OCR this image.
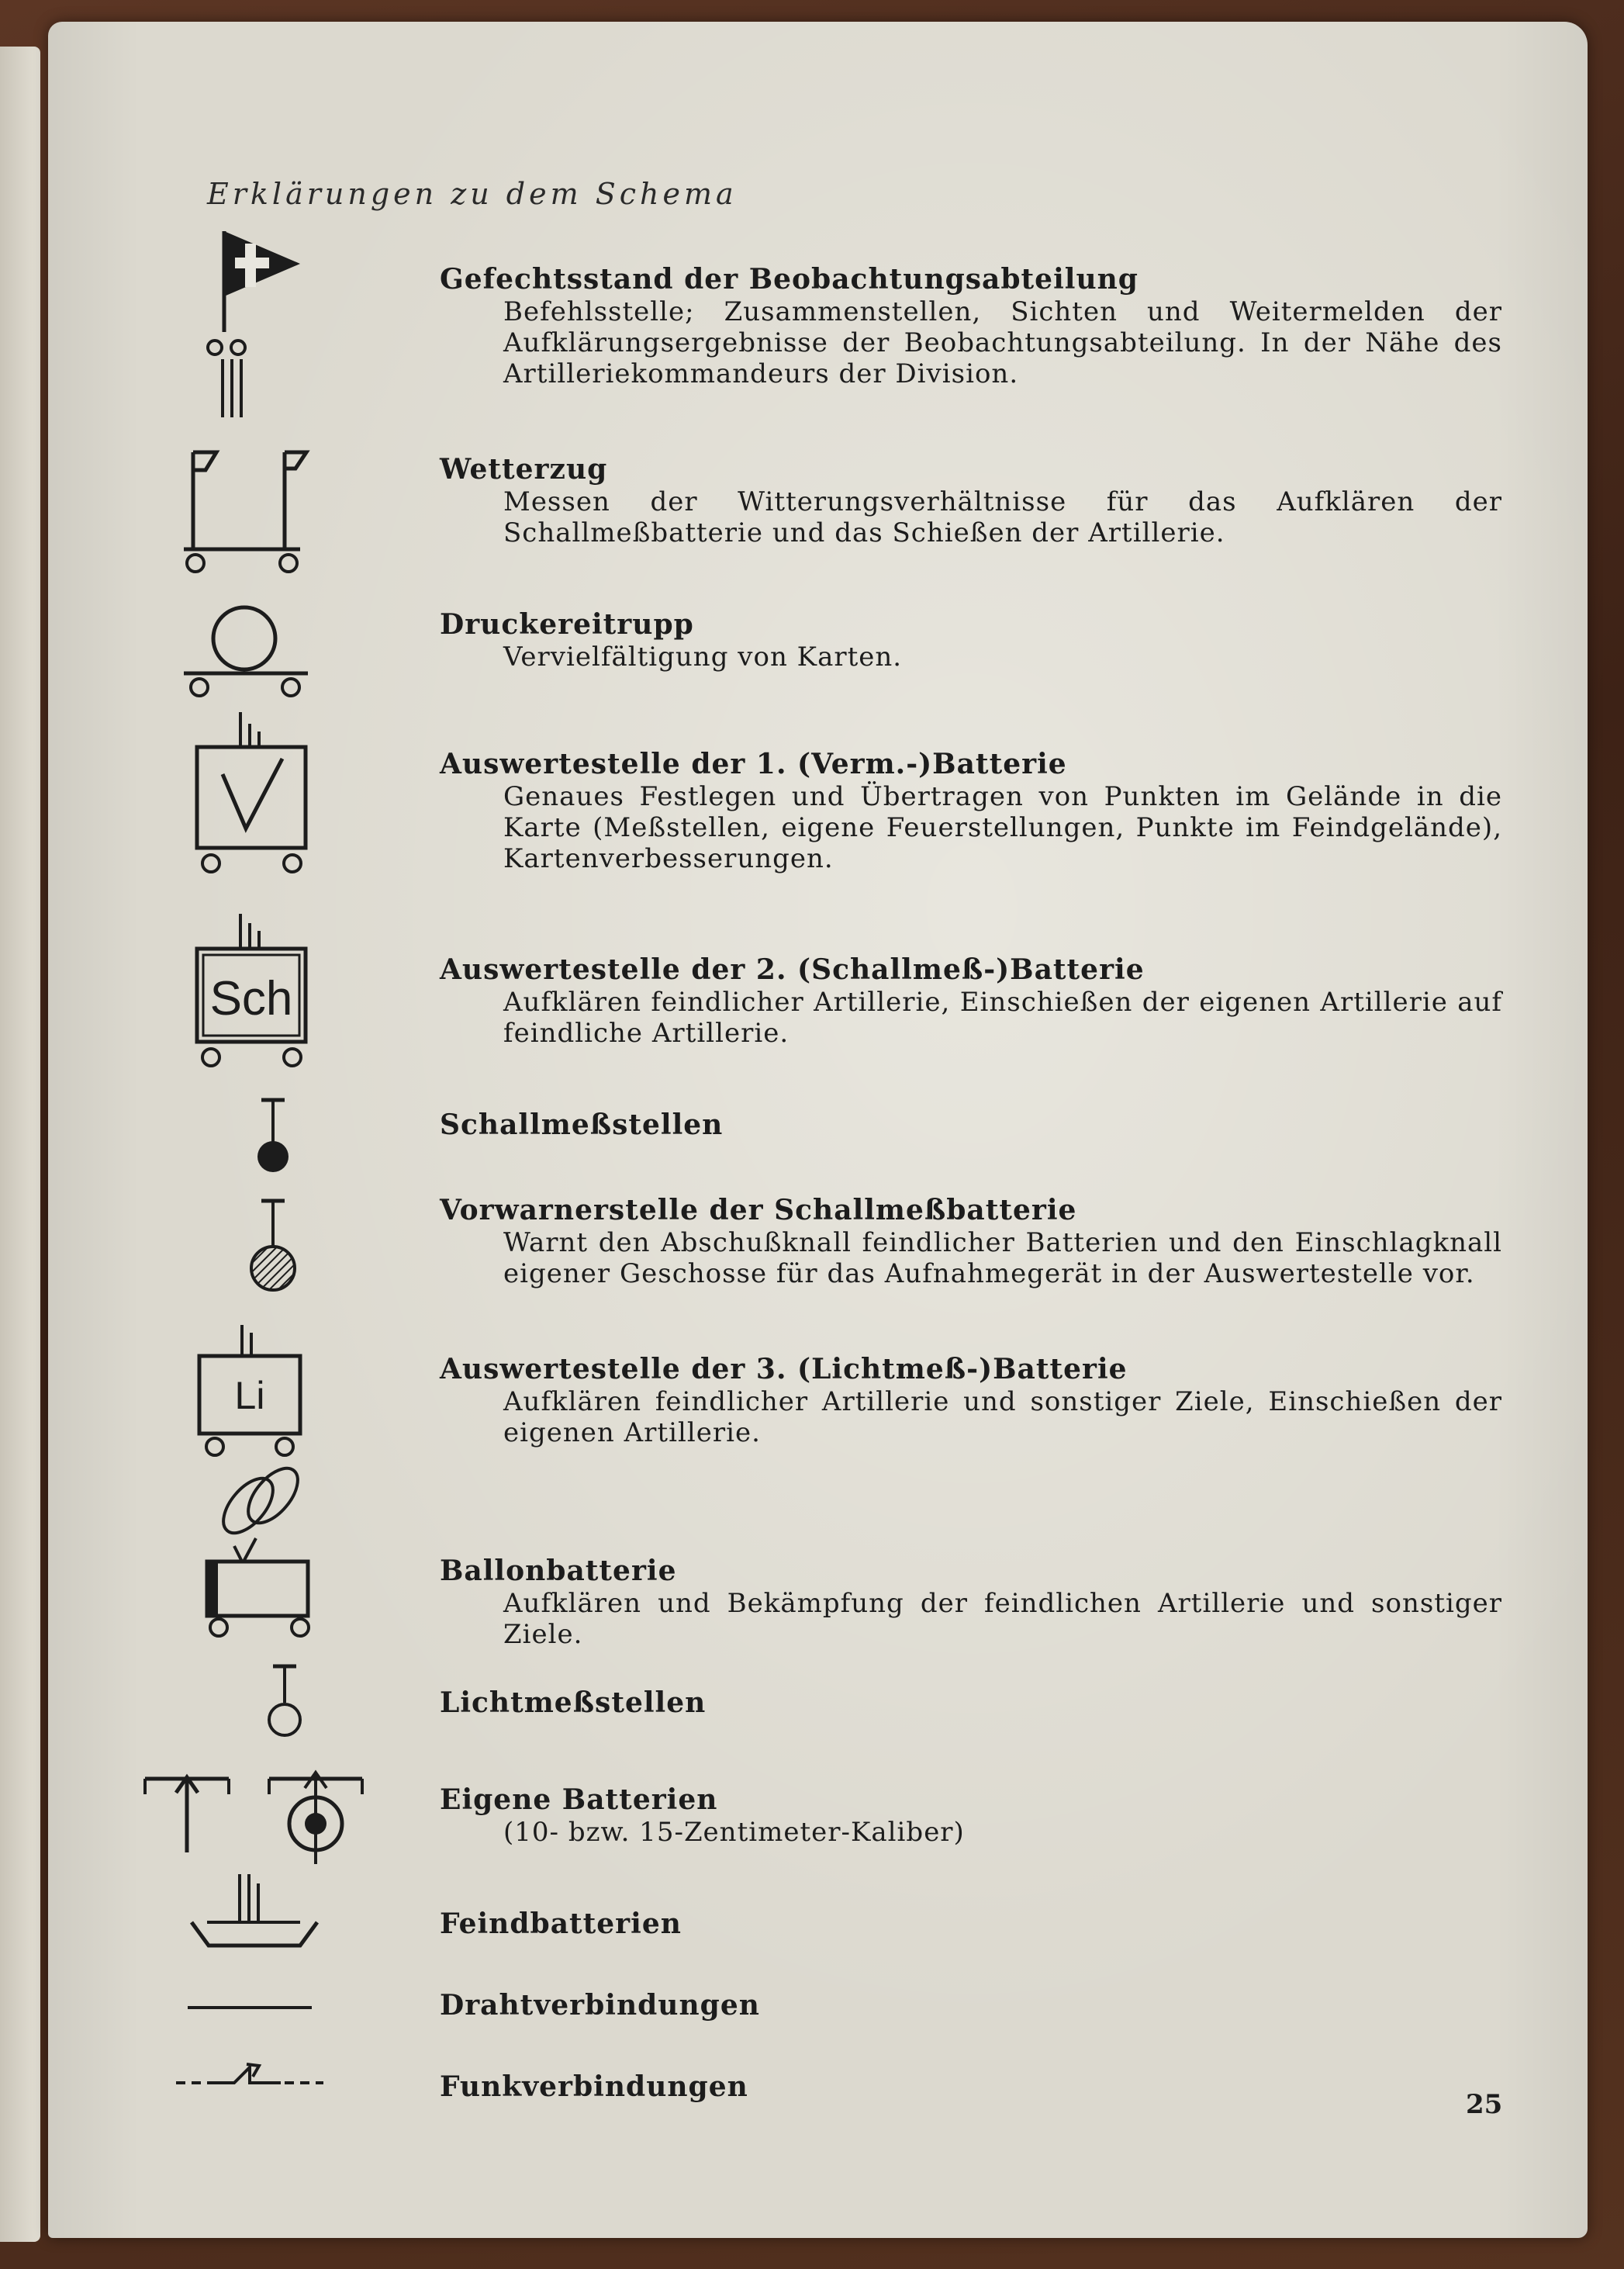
Erklärungen zu dem Schema
Gefechtsstand der Beobachtungsabteilung
Befehlsstelle; Zusammenstellen, Sichten und Weitermelden der Aufklärungsergebnisse der Beobachtungsabteilung. In der Nähe des Artilleriekommandeurs der Division.
Wetterzug
Messen der Witterungsverhältnisse für das Aufklären der Schallmeßbatterie und das Schießen der Artillerie.
Druckereitrupp
Vervielfältigung von Karten.
Auswertestelle der 1. (Verm.-)Batterie
Genaues Festlegen und Übertragen von Punkten im Gelände in die Karte (Meßstellen, eigene Feuerstellungen, Punkte im Feindgelände), Kartenverbesserungen.
Sch
Auswertestelle der 2. (Schallmeß-)Batterie
Aufklären feindlicher Artillerie, Einschießen der eigenen Artillerie auf feindliche Artillerie.
Schallmeßstellen
Vorwarnerstelle der Schallmeßbatterie
Warnt den Abschußknall feindlicher Batterien und den Einschlagknall eigener Geschosse für das Aufnahmegerät in der Auswertestelle vor.
Li
Auswertestelle der 3. (Lichtmeß-)Batterie
Aufklären feindlicher Artillerie und sonstiger Ziele, Einschießen der eigenen Artillerie.
Ballonbatterie
Aufklären und Bekämpfung der feindlichen Artillerie und sonstiger Ziele.
Lichtmeßstellen
Eigene Batterien
(10- bzw. 15-Zentimeter-Kaliber)
Feindbatterien
Drahtverbindungen
Funkverbindungen
25
